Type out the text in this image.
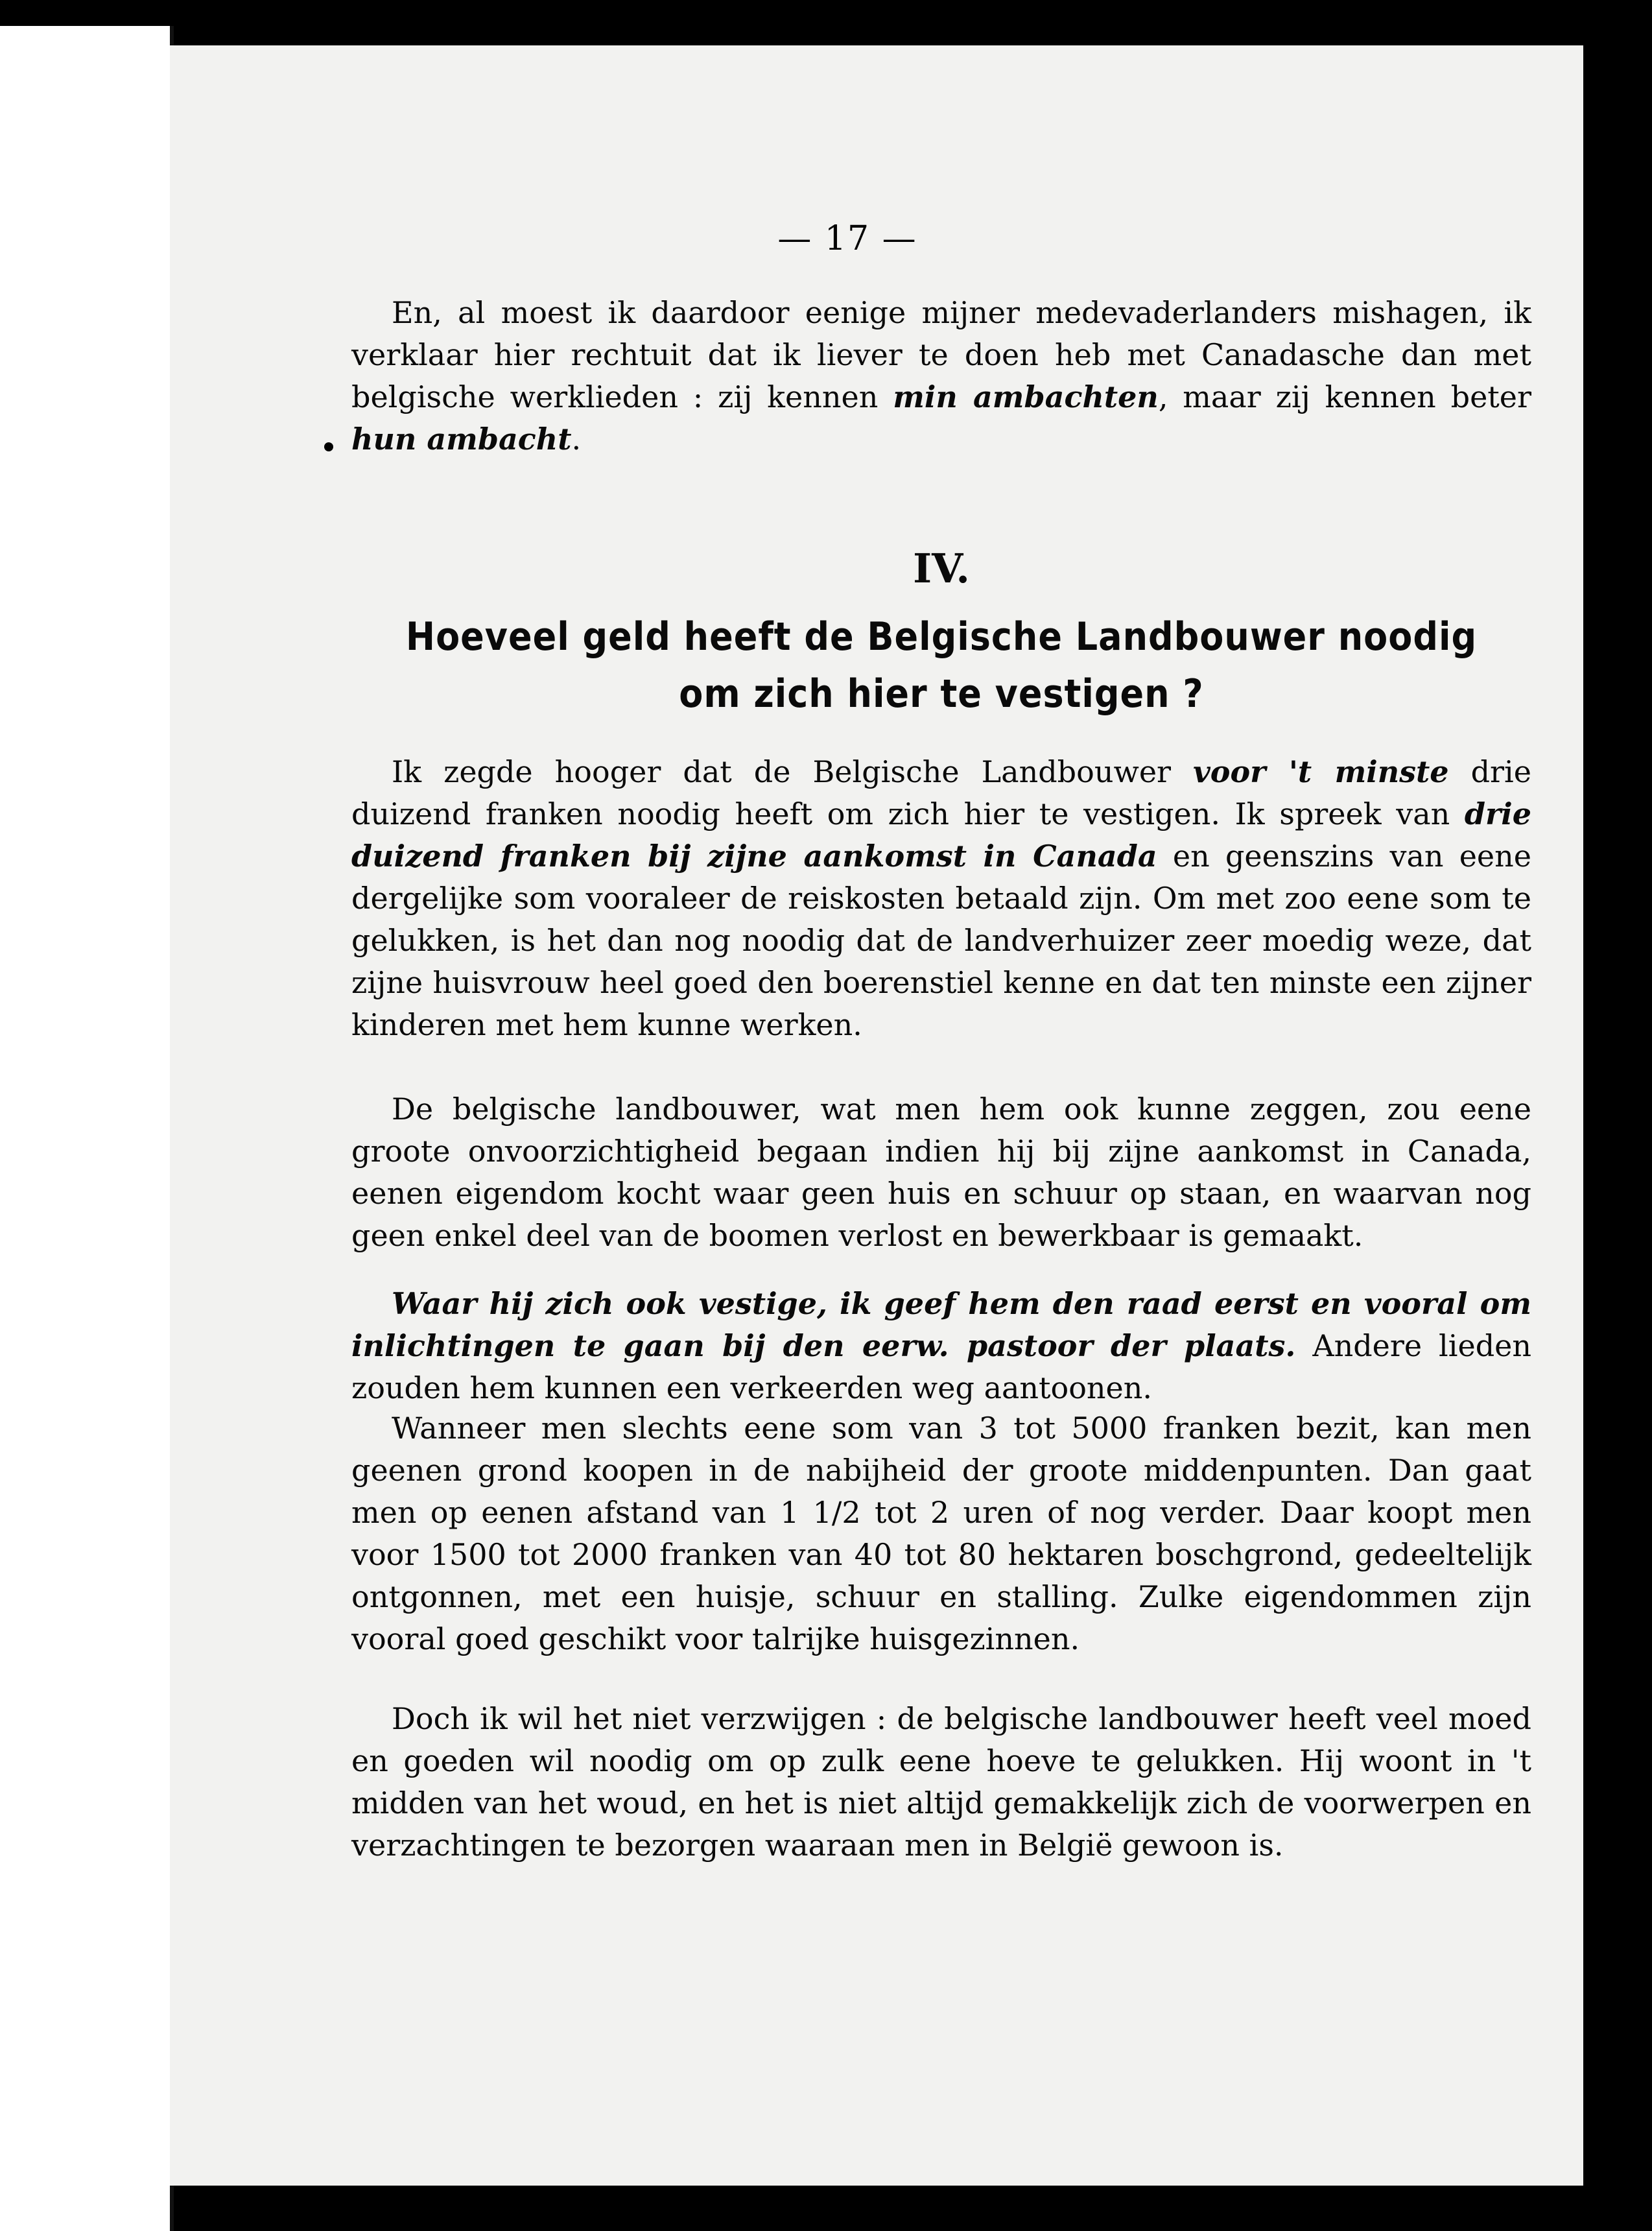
— 17 —

En, al moest ik daardoor eenige mijner medevaderlanders mishagen, ik verklaar hier rechtuit dat ik liever te doen heb met Canadasche dan met belgische werklieden : zij kennen min ambachten, maar zij kennen beter hun ambacht.

IV.
Hoeveel geld heeft de Belgische Landbouwer noodig
om zich hier te vestigen ?

Ik zegde hooger dat de Belgische Landbouwer voor 't minste drie duizend franken noodig heeft om zich hier te vestigen. Ik spreek van drie duizend franken bij zijne aankomst in Canada en geenszins van eene dergelijke som vooraleer de reiskosten betaald zijn. Om met zoo eene som te gelukken, is het dan nog noodig dat de landverhuizer zeer moedig weze, dat zijne huisvrouw heel goed den boerenstiel kenne en dat ten minste een zijner kinderen met hem kunne werken.

De belgische landbouwer, wat men hem ook kunne zeggen, zou eene groote onvoorzichtigheid begaan indien hij bij zijne aankomst in Canada, eenen eigendom kocht waar geen huis en schuur op staan, en waarvan nog geen enkel deel van de boomen verlost en bewerkbaar is gemaakt.

Waar hij zich ook vestige, ik geef hem den raad eerst en vooral om inlichtingen te gaan bij den eerw. pastoor der plaats. Andere lieden zouden hem kunnen een verkeerden weg aantoonen.

Wanneer men slechts eene som van 3 tot 5000 franken bezit, kan men geenen grond koopen in de nabijheid der groote middenpunten. Dan gaat men op eenen afstand van 1 1/2 tot 2 uren of nog verder. Daar koopt men voor 1500 tot 2000 franken van 40 tot 80 hektaren boschgrond, gedeeltelijk ontgonnen, met een huisje, schuur en stalling. Zulke eigendommen zijn vooral goed geschikt voor talrijke huisgezinnen.

Doch ik wil het niet verzwijgen : de belgische landbouwer heeft veel moed en goeden wil noodig om op zulk eene hoeve te gelukken. Hij woont in 't midden van het woud, en het is niet altijd gemakkelijk zich de voorwerpen en verzachtingen te bezorgen waaraan men in België gewoon is.
